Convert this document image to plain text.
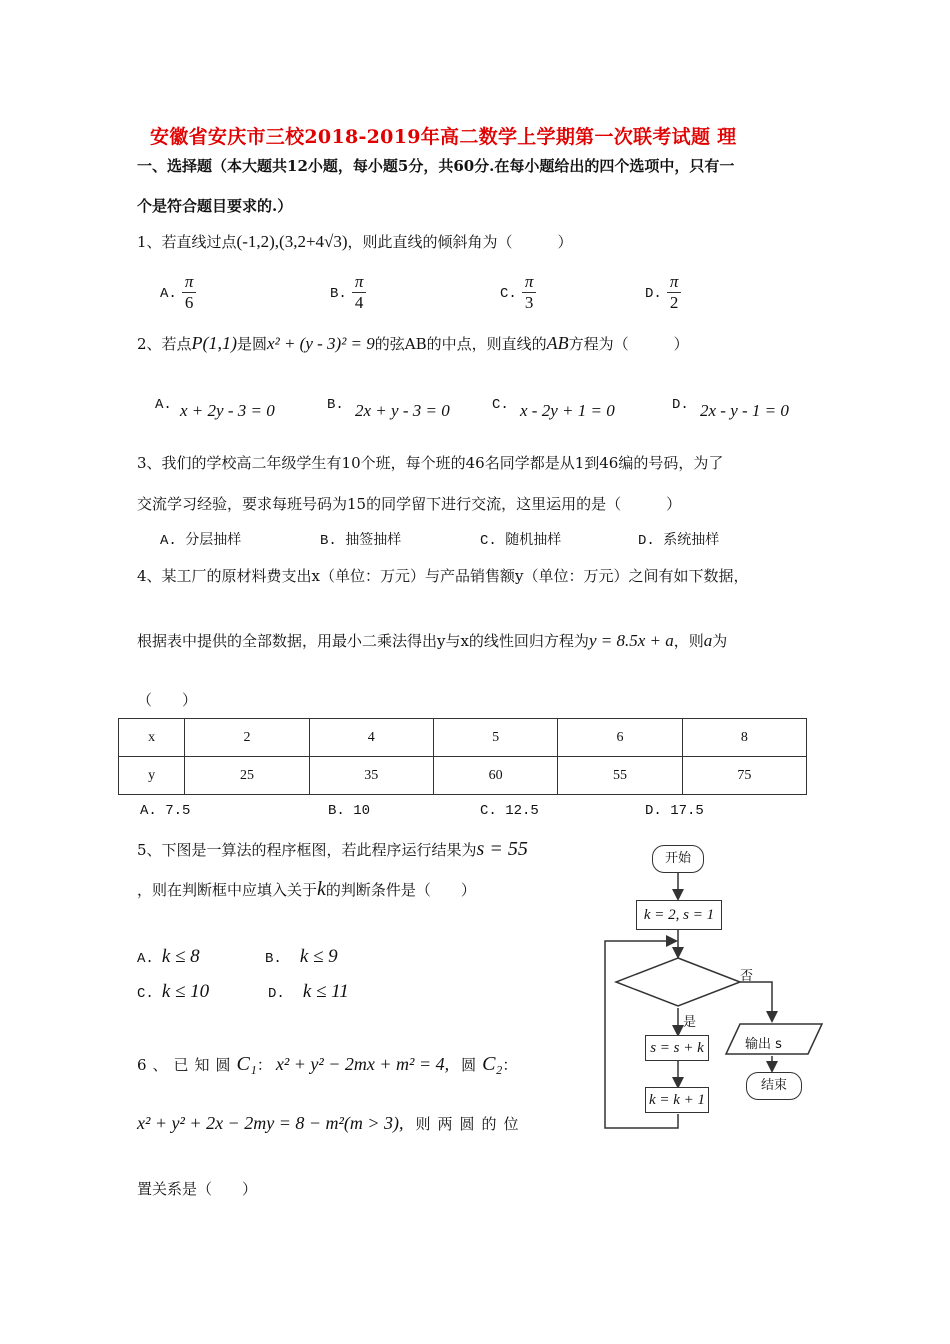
安徽省安庆市三校2018-2019年高二数学上学期第一次联考试题 理
一、选择题（本大题共12小题，每小题5分，共60分.在每小题给出的四个选项中，只有一
个是符合题目要求的.）
1、若直线过点(-1,2),(3,2+4√3)，则此直线的倾斜角为（　　　）
A. $\frac{\pi}{6}$	B. $\frac{\pi}{4}$	C. $\frac{\pi}{3}$	D. $\frac{\pi}{2}$
2、若点P(1,1)是圆x² + (y - 3)² = 9的弦AB的中点，则直线的AB方程为（　　　）
A. x + 2y - 3 = 0	B. 2x + y - 3 = 0	C. x - 2y + 1 = 0	D. 2x - y - 1 = 0
3、我们的学校高二年级学生有10个班，每个班的46名同学都是从1到46编的号码，为了
交流学习经验，要求每班号码为15的同学留下进行交流，这里运用的是（　　　）
A. 分层抽样	B. 抽签抽样	C. 随机抽样	D. 系统抽样
4、某工厂的原材料费支出x（单位：万元）与产品销售额y（单位：万元）之间有如下数据，
根据表中提供的全部数据，用最小二乘法得出y与x的线性回归方程为y = 8.5x + a，则a为
（　　）
x	2	4	5	6	8
y	25	35	60	55	75
A. 7.5	B. 10	C. 12.5	D. 17.5
5、下图是一算法的程序框图，若此程序运行结果为s = 55
，则在判断框中应填入关于k的判断条件是（　　）
A. k ≤ 8	B. k ≤ 9
C. k ≤ 10	D. k ≤ 11
6、已知圆C₁： x² + y² − 2mx + m² = 4, 圆C₂：
x² + y² + 2x − 2my = 8 − m²(m > 3), 则两圆的位
置关系是（　　）
开始
k = 2, s = 1
否
是
输出 s
s = s + k
k = k + 1
结束
